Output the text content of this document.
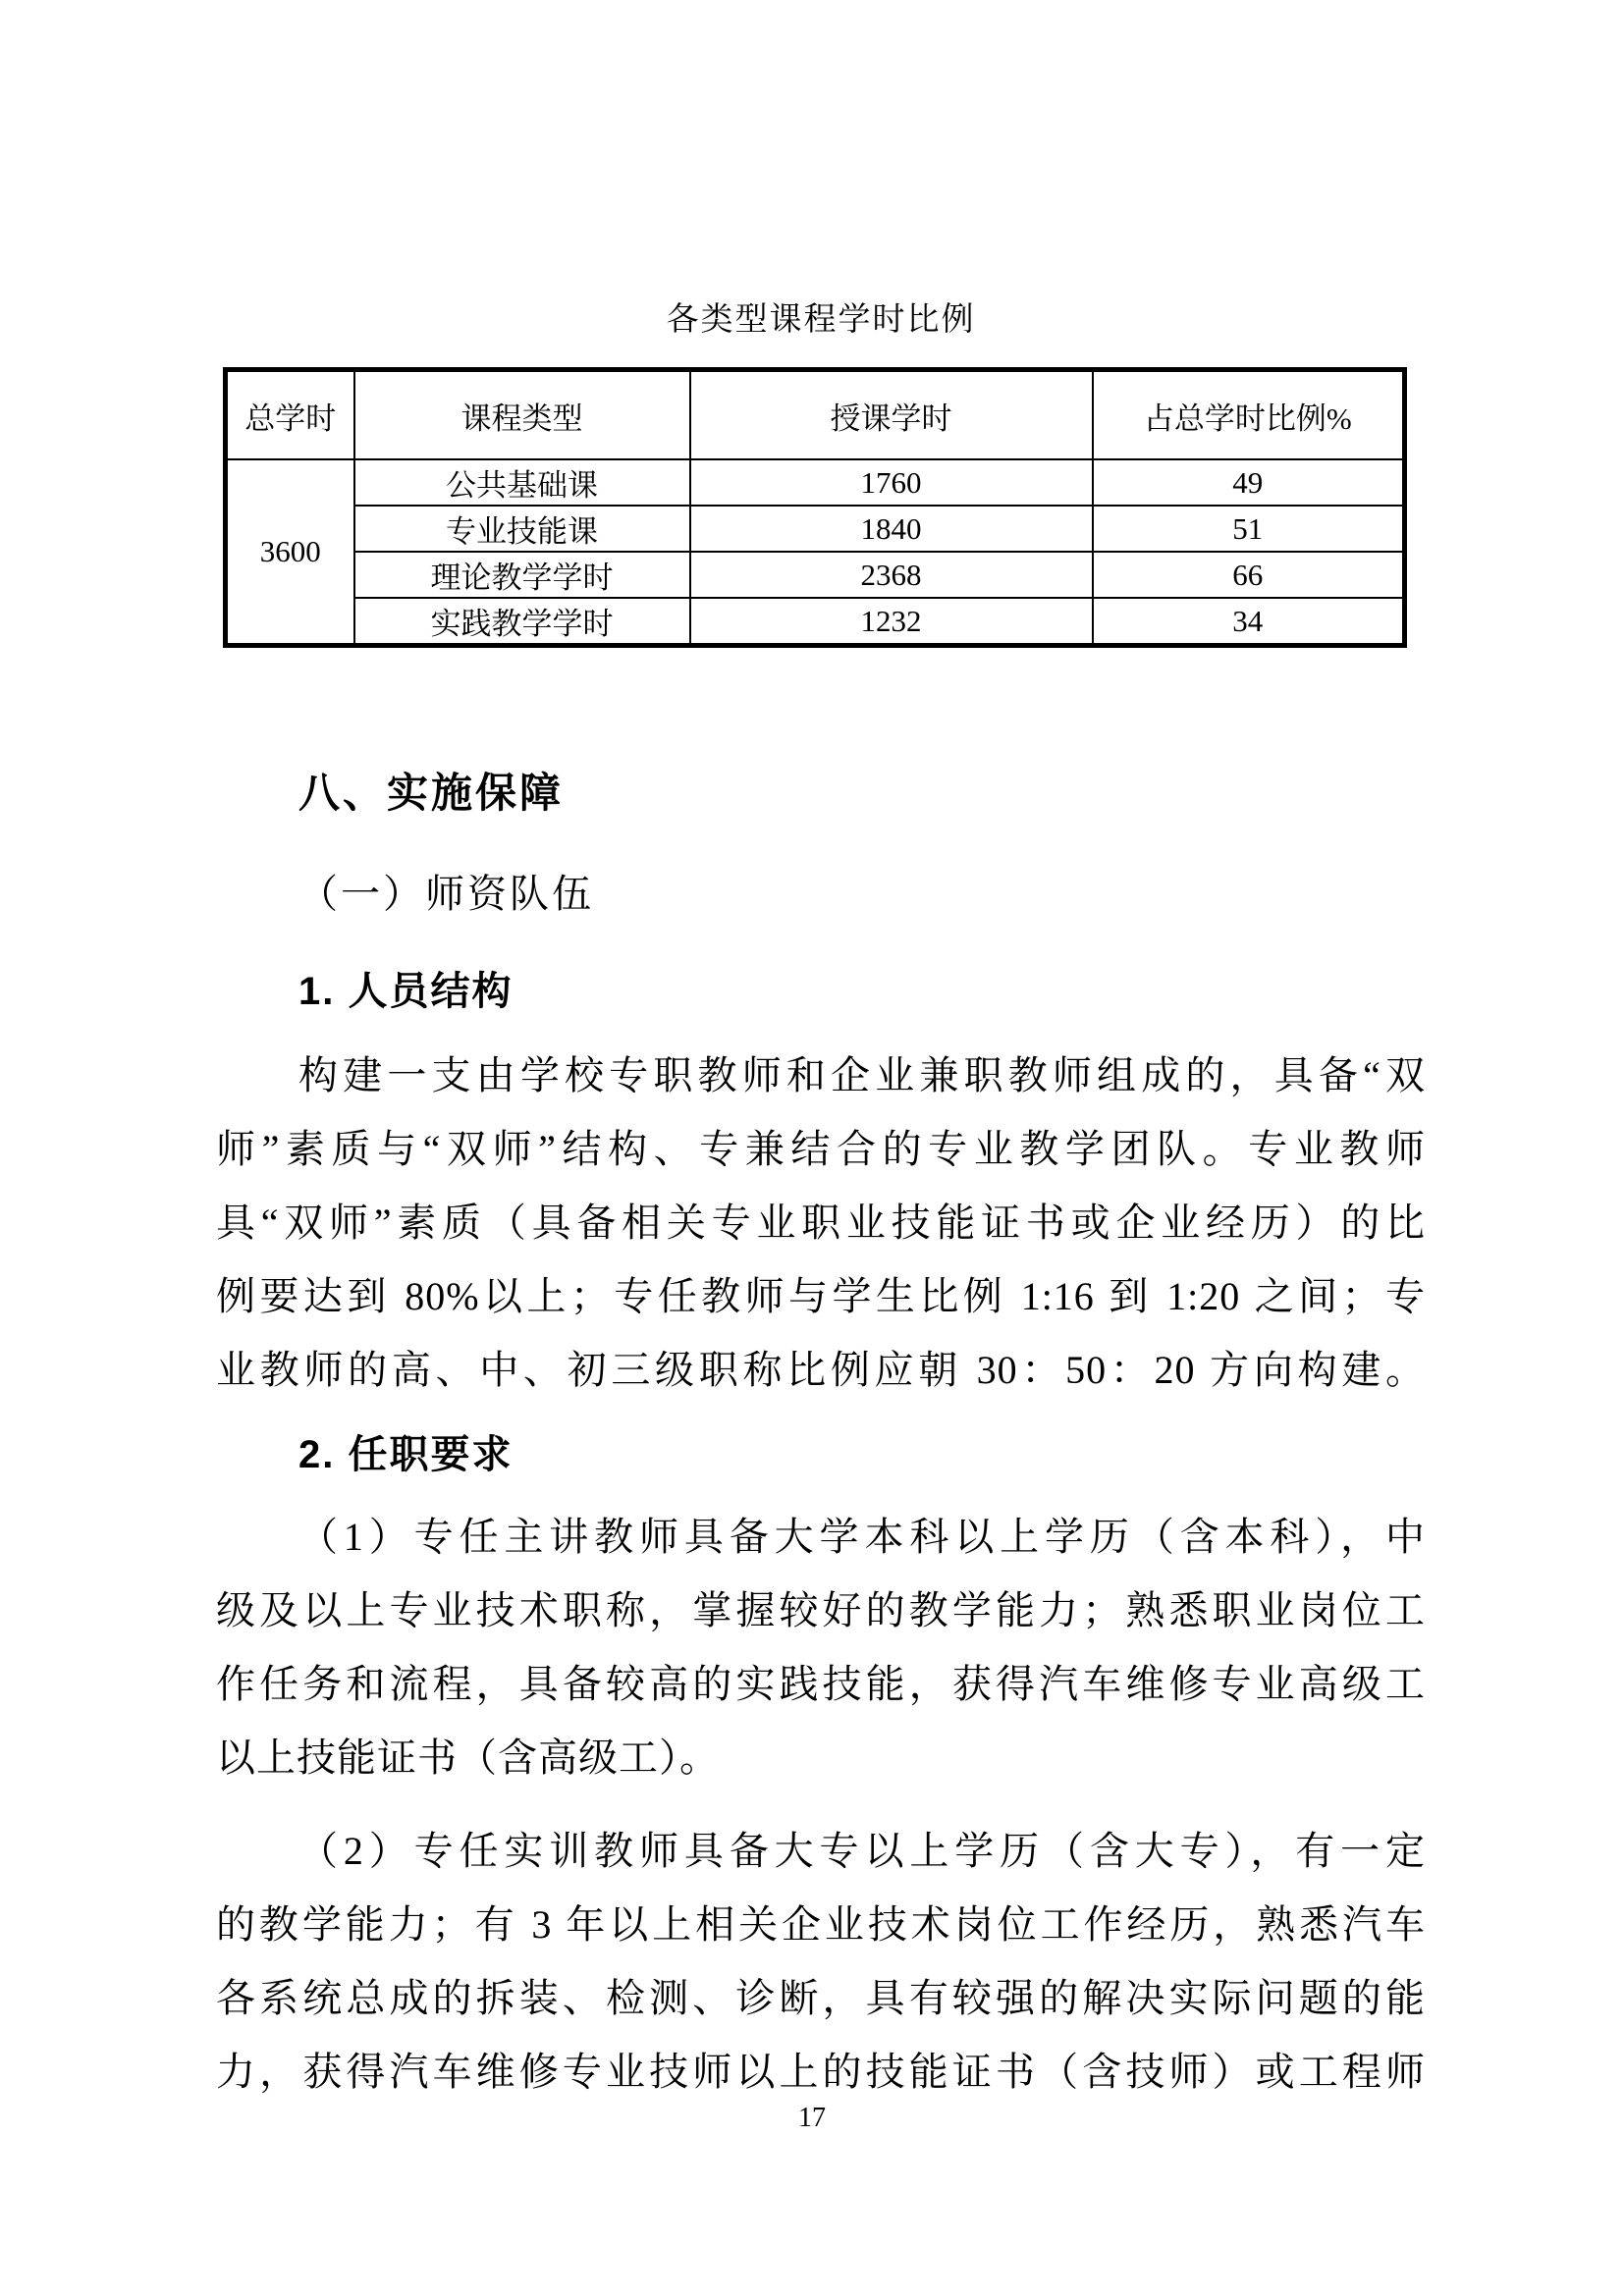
各类型课程学时比例
总学时	课程类型	授课学时	占总学时比例%
3600	公共基础课	1760	49
	专业技能课	1840	51
	理论教学学时	2368	66
	实践教学学时	1232	34
八、实施保障
（一）师资队伍
1. 人员结构
构建一支由学校专职教师和企业兼职教师组成的，具备“双
师”素质与“双师”结构、专兼结合的专业教学团队。专业教师
具“双师”素质（具备相关专业职业技能证书或企业经历）的比
例要达到 80%以上；专任教师与学生比例 1:16 到 1:20 之间；专
业教师的高、中、初三级职称比例应朝 30：50：20 方向构建。
2. 任职要求
（1）专任主讲教师具备大学本科以上学历（含本科），中
级及以上专业技术职称，掌握较好的教学能力；熟悉职业岗位工
作任务和流程，具备较高的实践技能，获得汽车维修专业高级工
以上技能证书（含高级工）。
（2）专任实训教师具备大专以上学历（含大专），有一定
的教学能力；有 3 年以上相关企业技术岗位工作经历，熟悉汽车
各系统总成的拆装、检测、诊断，具有较强的解决实际问题的能
力，获得汽车维修专业技师以上的技能证书（含技师）或工程师
17
